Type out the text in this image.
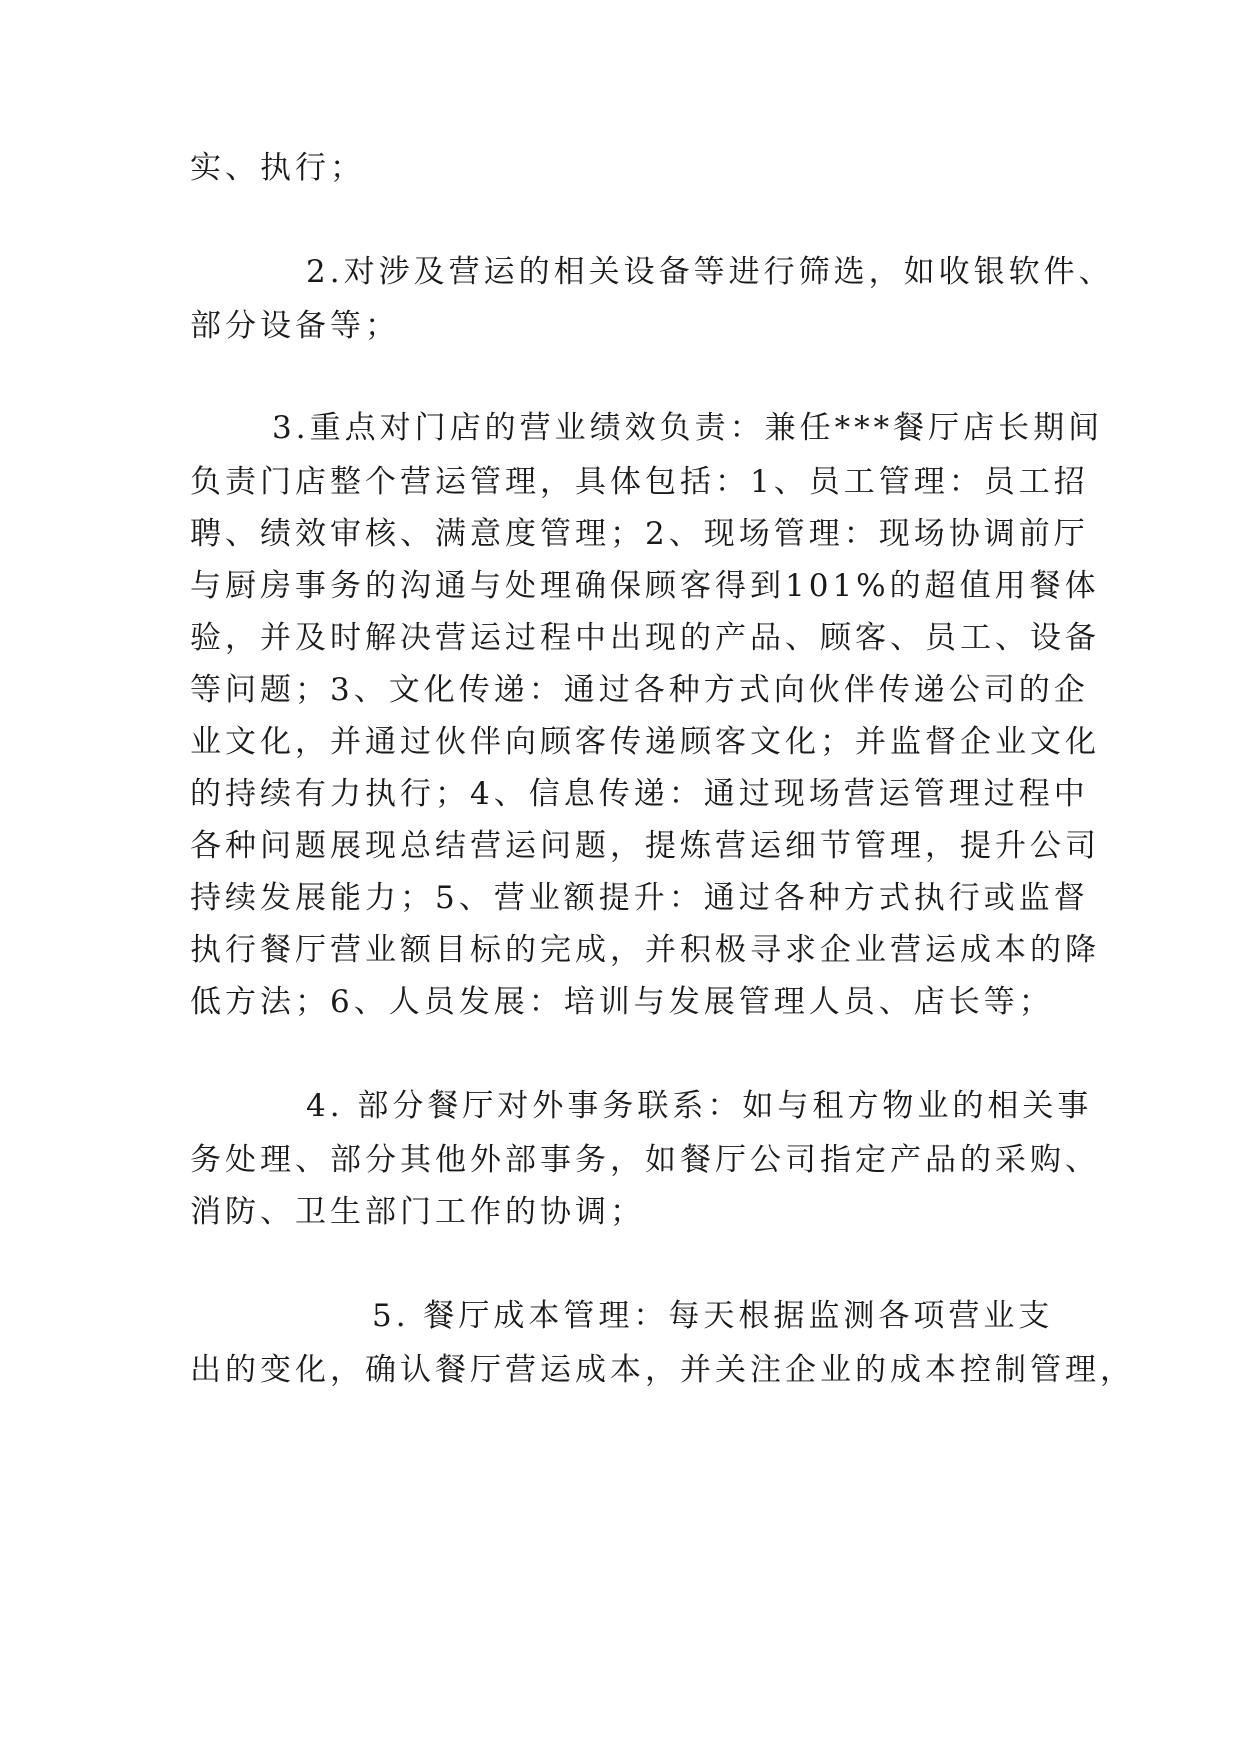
实、执行；
2.对涉及营运的相关设备等进行筛选，如收银软件、
部分设备等；
3.重点对门店的营业绩效负责：兼任***餐厅店长期间
负责门店整个营运管理，具体包括：1、员工管理：员工招
聘、绩效审核、满意度管理；2、现场管理：现场协调前厅
与厨房事务的沟通与处理确保顾客得到101%的超值用餐体
验，并及时解决营运过程中出现的产品、顾客、员工、设备
等问题；3、文化传递：通过各种方式向伙伴传递公司的企
业文化，并通过伙伴向顾客传递顾客文化；并监督企业文化
的持续有力执行；4、信息传递：通过现场营运管理过程中
各种问题展现总结营运问题，提炼营运细节管理，提升公司
持续发展能力；5、营业额提升：通过各种方式执行或监督
执行餐厅营业额目标的完成，并积极寻求企业营运成本的降
低方法；6、人员发展：培训与发展管理人员、店长等；
4. 部分餐厅对外事务联系：如与租方物业的相关事
务处理、部分其他外部事务，如餐厅公司指定产品的采购、
消防、卫生部门工作的协调；
5. 餐厅成本管理：每天根据监测各项营业支
出的变化，确认餐厅营运成本，并关注企业的成本控制管理，
